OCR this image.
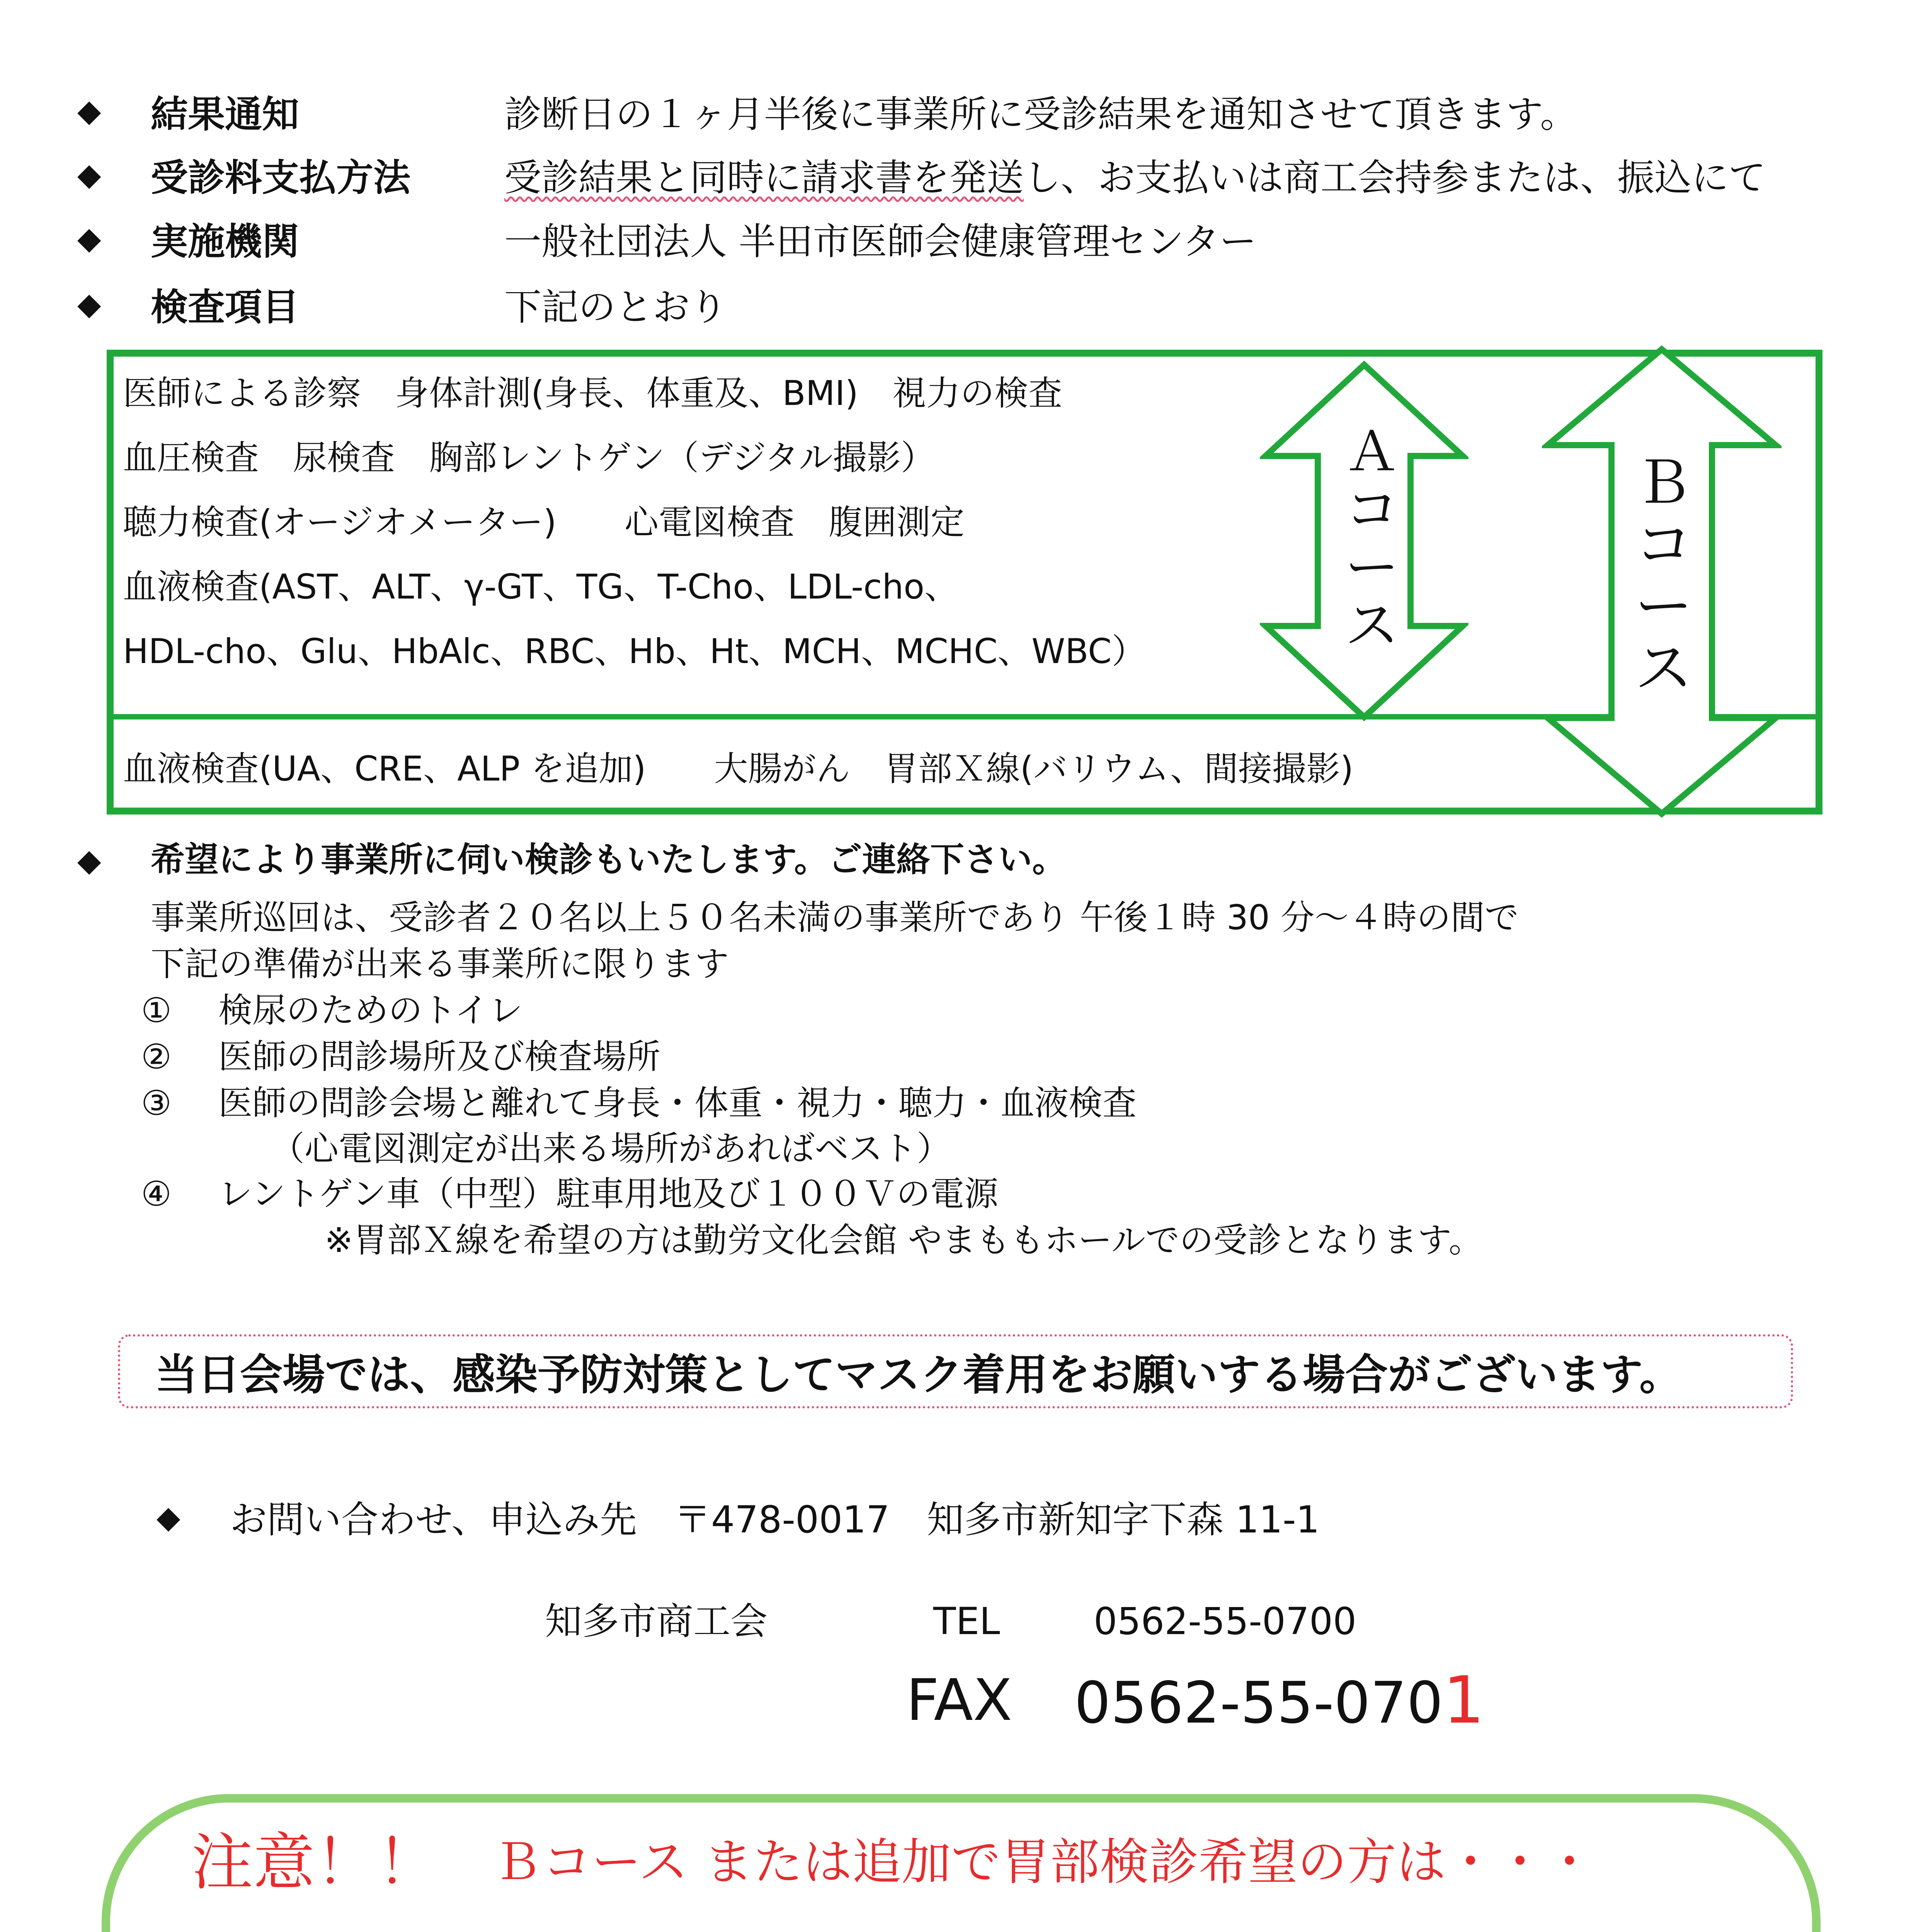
◆ 結果通知	診断日の１ヶ月半後に事業所に受診結果を通知させて頂きます。
◆ 受診料支払方法	受診結果と同時に請求書を発送し、お支払いは商工会持参または、振込にて
◆ 実施機関	一般社団法人 半田市医師会健康管理センター
◆ 検査項目	下記のとおり
医師による診察　身体計測(身長、体重及、BMI)　視力の検査
血圧検査　尿検査　胸部レントゲン（デジタル撮影）
聴力検査(オージオメーター)　　心電図検査　腹囲測定
血液検査(AST、ALT、γ‐GT、TG、T-Cho、LDL-cho、
HDL-cho、Glu、HbAlc、RBC、Hb、Ht、MCH、MCHC、WBC）
血液検査(UA、CRE、ALP を追加)　　大腸がん　胃部Ｘ線(バリウム、間接撮影)
Ａコース
Ｂコース
◆ 希望により事業所に伺い検診もいたします。ご連絡下さい。
事業所巡回は、受診者２０名以上５０名未満の事業所であり 午後１時 30 分～４時の間で
下記の準備が出来る事業所に限ります
① 検尿のためのトイレ
② 医師の問診場所及び検査場所
③ 医師の問診会場と離れて身長・体重・視力・聴力・血液検査
（心電図測定が出来る場所があればベスト）
④ レントゲン車（中型）駐車用地及び１００Ｖの電源
※胃部Ｘ線を希望の方は勤労文化会館 やまももホールでの受診となります。
当日会場では、感染予防対策としてマスク着用をお願いする場合がございます。
◆ お問い合わせ、申込み先　〒478-0017　知多市新知字下森 11-1
知多市商工会	TEL	0562-55-0700
FAX 0562-55-0701
注意！！ Ｂコース または追加で胃部検診希望の方は・・・
